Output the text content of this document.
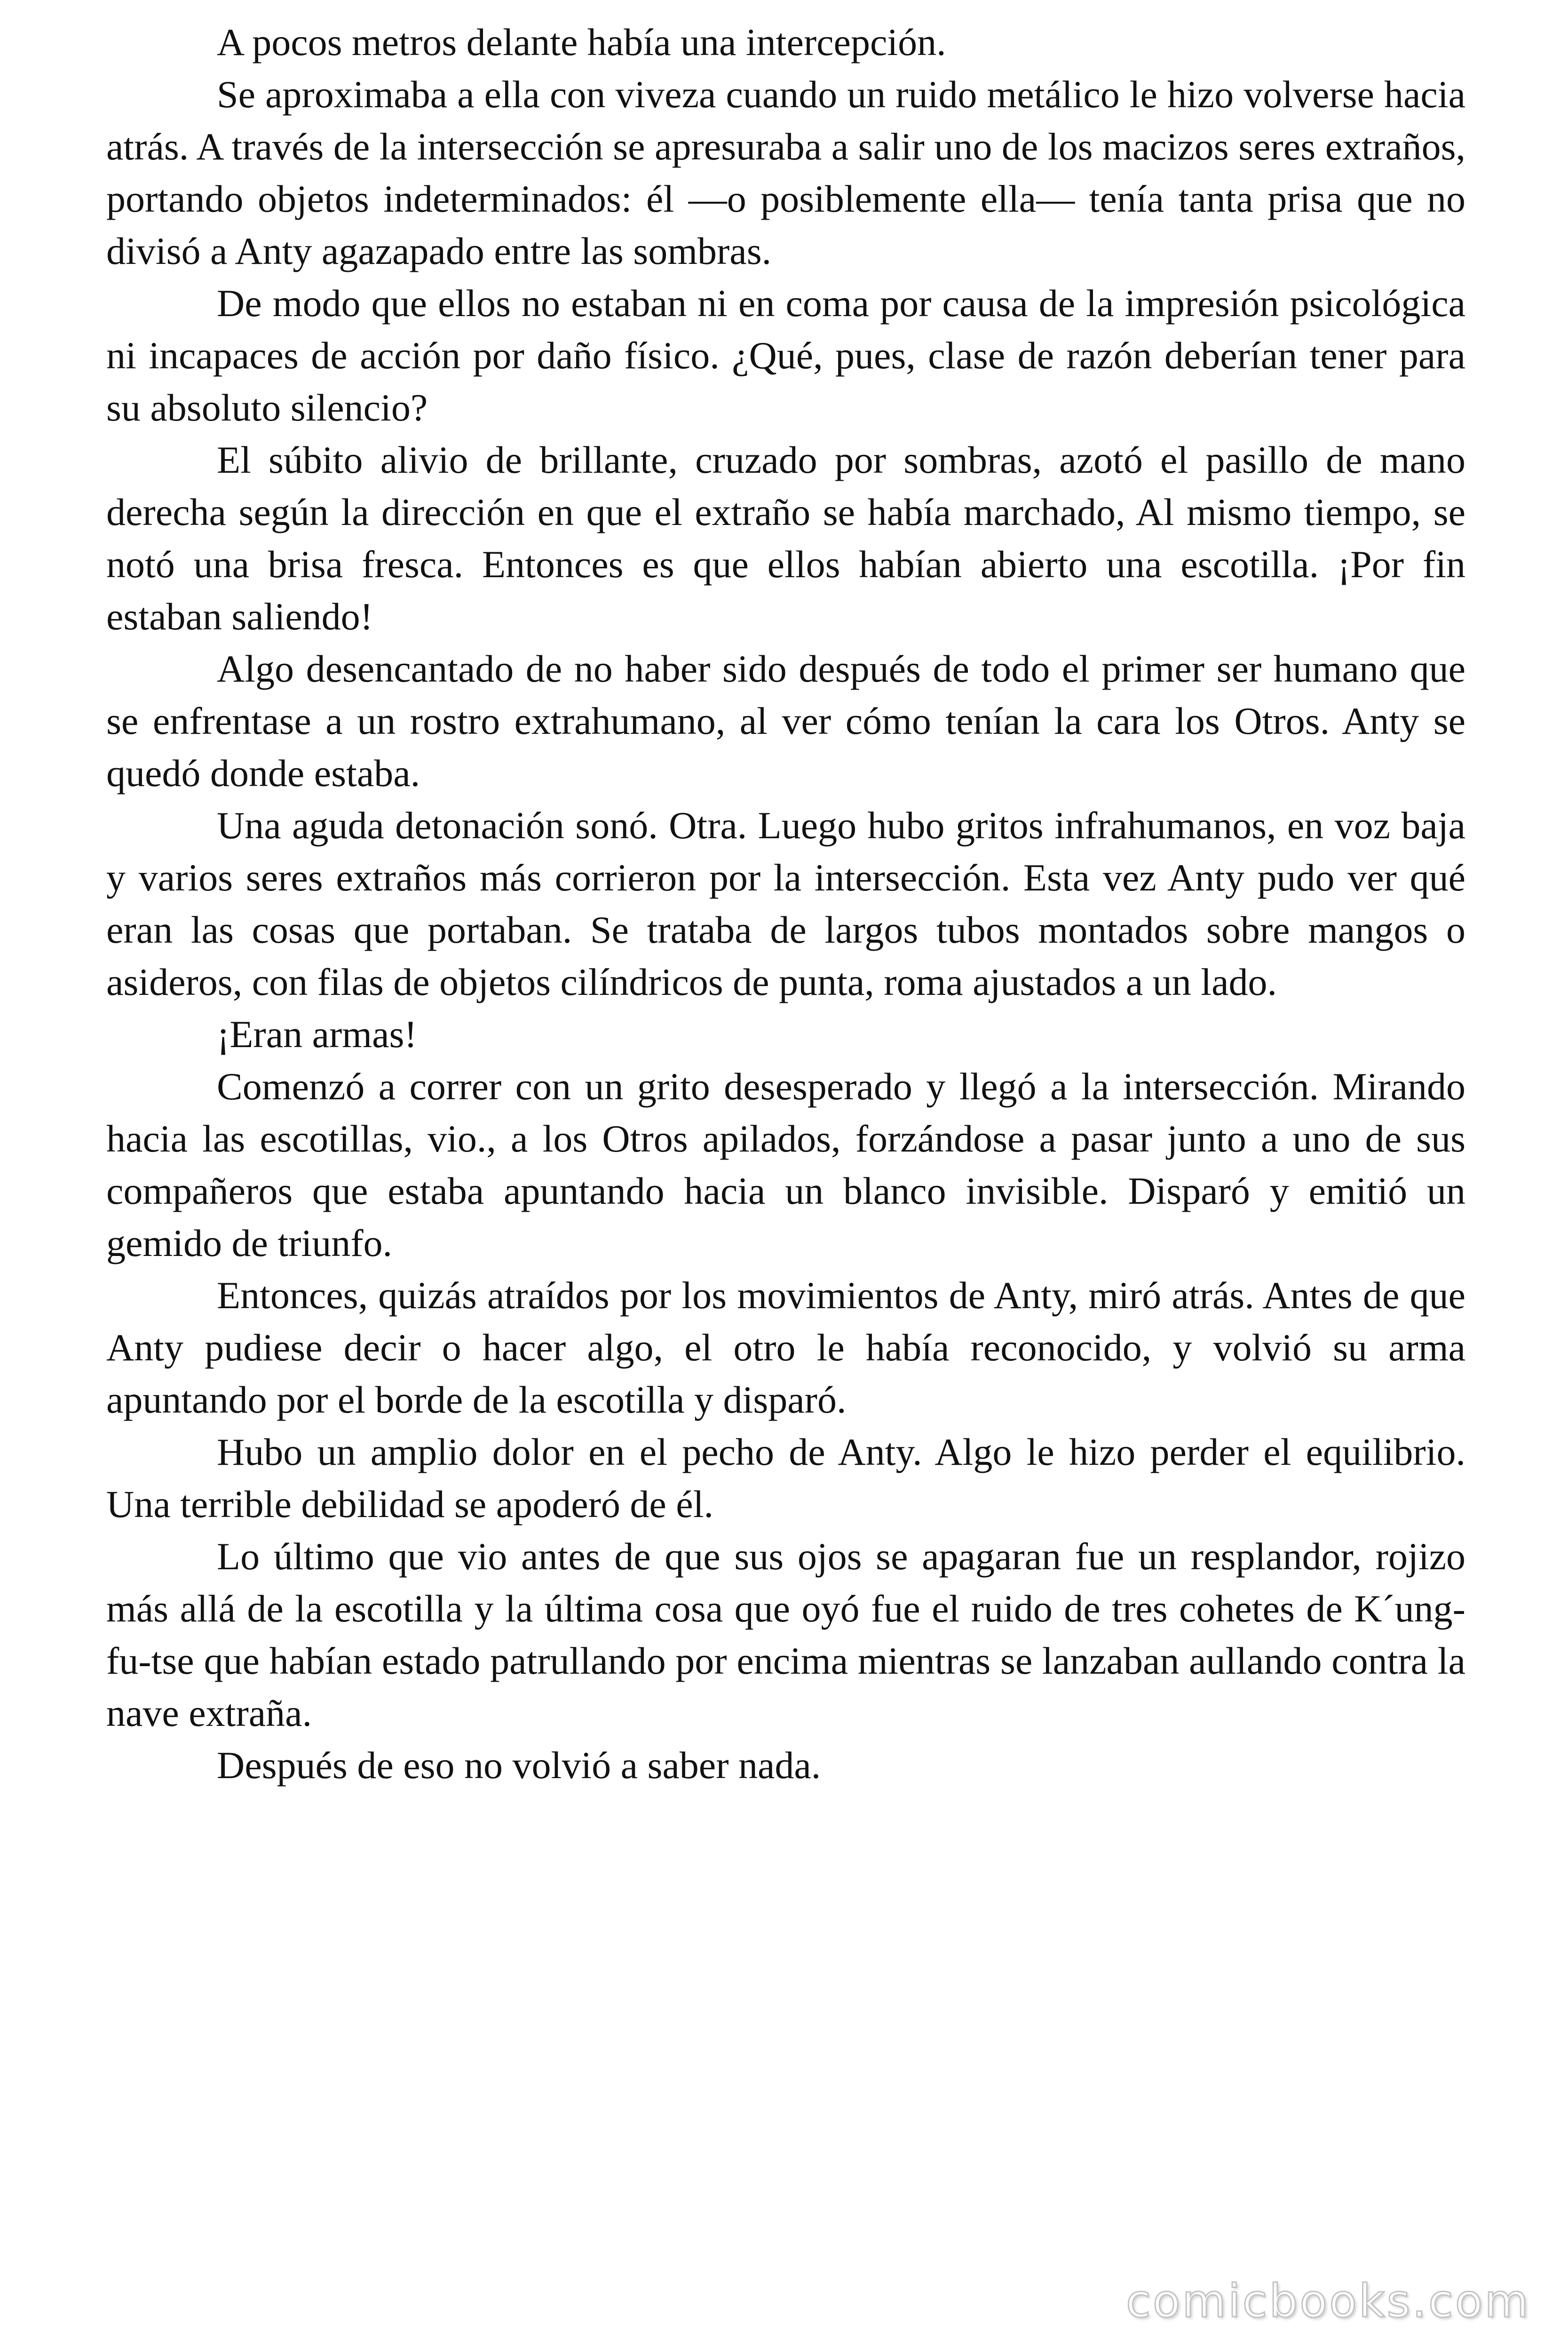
A pocos metros delante había una intercepción.

Se aproximaba a ella con viveza cuando un ruido metálico le hizo volverse hacia atrás. A través de la intersección se apresuraba a salir uno de los macizos seres extraños, portando objetos indeterminados: él —o posiblemente ella— tenía tanta prisa que no divisó a Anty agazapado entre las sombras.

De modo que ellos no estaban ni en coma por causa de la impresión psicológica ni incapaces de acción por daño físico. ¿Qué, pues, clase de razón deberían tener para su absoluto silencio?

El súbito alivio de brillante, cruzado por sombras, azotó el pasillo de mano derecha según la dirección en que el extraño se había marchado, Al mismo tiempo, se notó una brisa fresca. Entonces es que ellos habían abierto una escotilla. ¡Por fin estaban saliendo!

Algo desencantado de no haber sido después de todo el primer ser humano que se enfrentase a un rostro extrahumano, al ver cómo tenían la cara los Otros. Anty se quedó donde estaba.

Una aguda detonación sonó. Otra. Luego hubo gritos infrahumanos, en voz baja y varios seres extraños más corrieron por la intersección. Esta vez Anty pudo ver qué eran las cosas que portaban. Se trataba de largos tubos montados sobre mangos o asideros, con filas de objetos cilíndricos de punta, roma ajustados a un lado.

¡Eran armas!

Comenzó a correr con un grito desesperado y llegó a la intersección. Mirando hacia las escotillas, vio., a los Otros apilados, forzándose a pasar junto a uno de sus compañeros que estaba apuntando hacia un blanco invisible. Disparó y emitió un gemido de triunfo.

Entonces, quizás atraídos por los movimientos de Anty, miró atrás. Antes de que Anty pudiese decir o hacer algo, el otro le había reconocido, y volvió su arma apuntando por el borde de la escotilla y disparó.

Hubo un amplio dolor en el pecho de Anty. Algo le hizo perder el equilibrio. Una terrible debilidad se apoderó de él.

Lo último que vio antes de que sus ojos se apagaran fue un resplandor, rojizo más allá de la escotilla y la última cosa que oyó fue el ruido de tres cohetes de K´ung-fu-tse que habían estado patrullando por encima mientras se lanzaban aullando contra la nave extraña.

Después de eso no volvió a saber nada.

comicbooks.com
